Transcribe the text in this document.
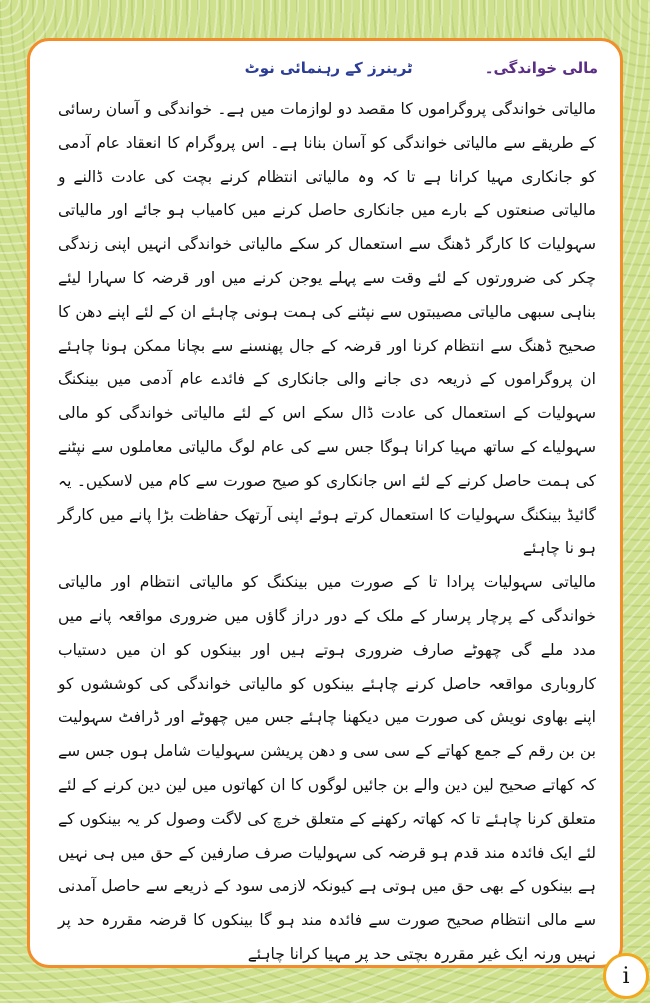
مالی خواندگی۔
ٹرینرز کے رہنمائی نوٹ

مالیاتی خواندگی پروگراموں کا مقصد دو لوازمات میں ہے۔ خواندگی و آسان رسائی کے طریقے سے مالیاتی خواندگی کو آسان بنانا ہے۔ اس پروگرام کا انعقاد عام آدمی کو جانکاری مہیا کرانا ہے تا کہ وہ مالیاتی انتظام کرنے بچت کی عادت ڈالنے و مالیاتی صنعتوں کے بارے میں جانکاری حاصل کرنے میں کامیاب ہو جائے اور مالیاتی سہولیات کا کارگر ڈھنگ سے استعمال کر سکے مالیاتی خواندگی انہیں اپنی زندگی چکر کی ضرورتوں کے لئے وقت سے پہلے یوجن کرنے میں اور قرضہ کا سہارا لیئے بناہی سبھی مالیاتی مصیبتوں سے نپٹنے کی ہمت ہونی چاہئے ان کے لئے اپنے دھن کا صحیح ڈھنگ سے انتظام کرنا اور قرضہ کے جال پھنسنے سے بچانا ممکن ہونا چاہئے ان پروگراموں کے ذریعہ دی جانے والی جانکاری کے فائدے عام آدمی میں بینکنگ سہولیات کے استعمال کی عادت ڈال سکے اس کے لئے مالیاتی خواندگی کو مالی سہولیاے کے ساتھ مہیا کرانا ہوگا جس سے کی عام لوگ مالیاتی معاملوں سے نپٹنے کی ہمت حاصل کرنے کے لئے اس جانکاری کو صیح صورت سے کام میں لاسکیں۔ یہ گائیڈ بینکنگ سہولیات کا استعمال کرتے ہوئے اپنی آرتھک حفاظت بڑا پانے میں کارگر ہو نا چاہئے

مالیاتی سہولیات پرادا تا کے صورت میں بینکنگ کو مالیاتی انتظام اور مالیاتی خواندگی کے پرچار پرسار کے ملک کے دور دراز گاؤں میں ضروری مواقعہ پانے میں مدد ملے گی چھوٹے صارف ضروری ہوتے ہیں اور بینکوں کو ان میں دستیاب کاروباری مواقعہ حاصل کرنے چاہئے بینکوں کو مالیاتی خواندگی کی کوششوں کو اپنے بھاوی نویش کی صورت میں دیکھنا چاہئے جس میں چھوٹے اور ڈرافٹ سہولیت بن بن رقم کے جمع کھاتے کے سی سی و دھن پریشن سہولیات شامل ہوں جس سے کہ کھاتے صحیح لین دین والے بن جائیں لوگوں کا ان کھاتوں میں لین دین کرنے کے لئے متعلق کرنا چاہئے تا کہ کھاتہ رکھنے کے متعلق خرچ کی لاگت وصول کر یہ بینکوں کے لئے ایک فائدہ مند قدم ہو قرضہ کی سہولیات صرف صارفین کے حق میں ہی نہیں ہے بینکوں کے بھی حق میں ہوتی ہے کیونکہ لازمی سود کے ذریعے سے حاصل آمدنی سے مالی انتظام صحیح صورت سے فائدہ مند ہو گا بینکوں کا قرضہ مقررہ حد پر نہیں ورنہ ایک غیر مقررہ بچتی حد پر مہیا کرانا چاہئے

i
